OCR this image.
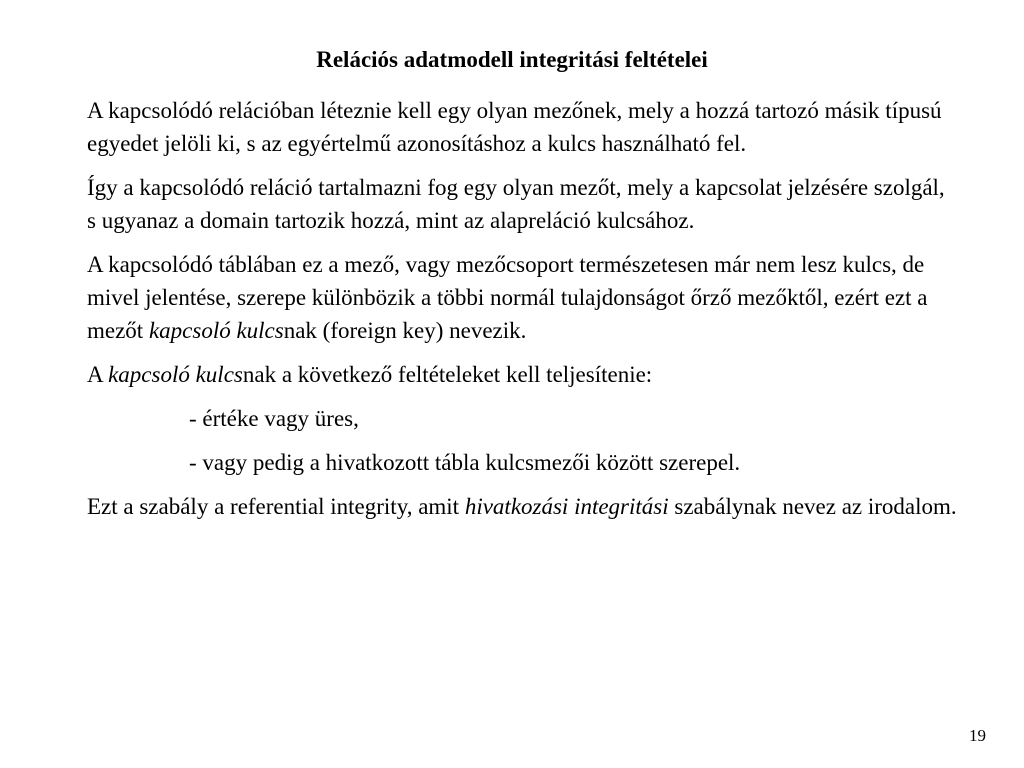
Relációs adatmodell integritási feltételei

A kapcsolódó relációban léteznie kell egy olyan mezőnek, mely a hozzá tartozó másik típusú egyedet jelöli ki, s az egyértelmű azonosításhoz a kulcs használható fel.

Így a kapcsolódó reláció tartalmazni fog egy olyan mezőt, mely a kapcsolat jelzésére szolgál, s ugyanaz a domain tartozik hozzá, mint az alapreláció kulcsához.

A kapcsolódó táblában ez a mező, vagy mezőcsoport természetesen már nem lesz kulcs, de mivel jelentése, szerepe különbözik a többi normál tulajdonságot őrző mezőktől, ezért ezt a mezőt kapcsoló kulcsnak (foreign key) nevezik.

A kapcsoló kulcsnak a következő feltételeket kell teljesítenie:

- értéke vagy üres,

- vagy pedig a hivatkozott tábla kulcsmezői között szerepel.

Ezt a szabály a referential integrity, amit hivatkozási integritási szabálynak nevez az irodalom.

19
